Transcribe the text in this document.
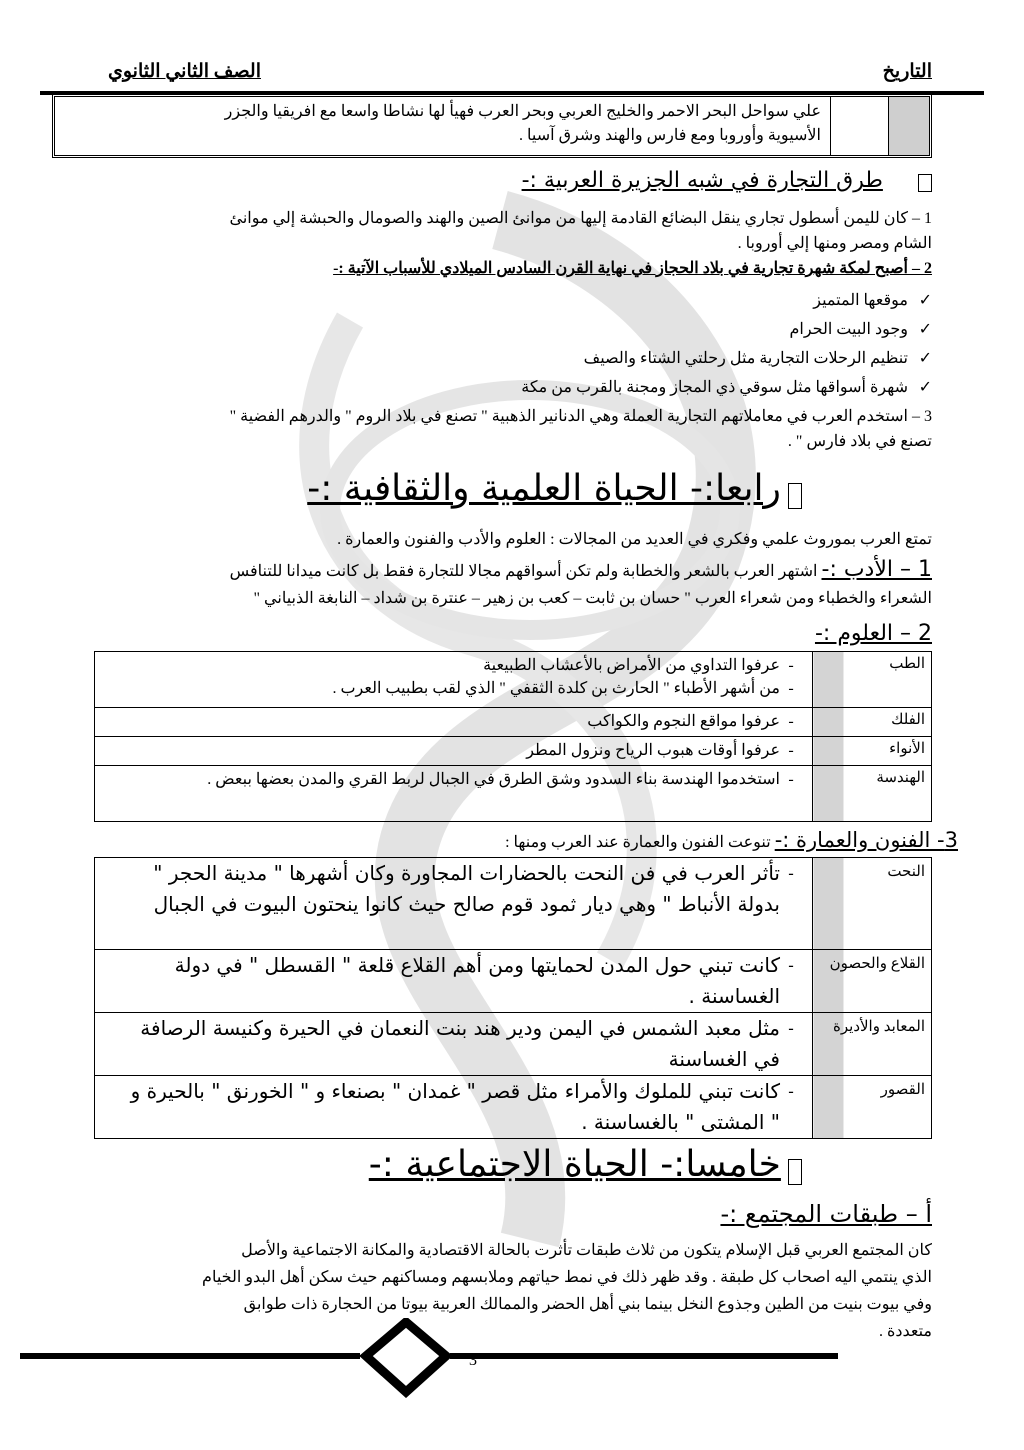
التاريخ
الصف الثاني الثانوي
علي سواحل البحر الاحمر والخليج العربي وبحر العرب فهيأ لها نشاطا واسعا مع افريقيا والجزر
الأسيوية وأوروبا ومع فارس والهند وشرق آسيا .
طرق التجارة في شبه الجزيرة العربية :-
1 – كان لليمن أسطول تجاري ينقل البضائع القادمة إليها من موانئ الصين والهند والصومال والحبشة إلي موانئ
الشام ومصر ومنها إلي أوروبا .
2 – أصبح لمكة شهرة تجارية في بلاد الحجاز في نهاية القرن السادس الميلادي للأسباب الآتية :-
✓موقعها المتميز
✓وجود البيت الحرام
✓تنظيم الرحلات التجارية مثل رحلتي الشتاء والصيف
✓شهرة أسواقها مثل سوقي ذي المجاز ومجنة بالقرب من مكة
3 – استخدم العرب في معاملاتهم التجارية العملة وهي الدنانير الذهبية " تصنع في بلاد الروم " والدرهم الفضية "
تصنع في بلاد فارس " .
رابعا:- الحياة العلمية والثقافية :-
تمتع العرب بموروث علمي وفكري في العديد من المجالات : العلوم والأدب والفنون والعمارة .
1 – الأدب :- اشتهر العرب بالشعر والخطابة ولم تكن أسواقهم مجالا للتجارة فقط بل كانت ميدانا للتنافس
الشعراء والخطباء ومن شعراء العرب " حسان بن ثابت – كعب بن زهير – عنترة بن شداد – النابغة الذبياني "
2 – العلوم :-
الطب	-عرفوا التداوي من الأمراض بالأعشاب الطبيعية
-من أشهر الأطباء " الحارث بن كلدة الثقفي " الذي لقب بطبيب العرب .

الفلك	-عرفوا مواقع النجوم والكواكب

الأنواء	-عرفوا أوقات هبوب الرياح ونزول المطر

الهندسة	-استخدموا الهندسة بناء السدود وشق الطرق في الجبال لربط القري والمدن بعضها ببعض .
3- الفنون والعمارة :- تنوعت الفنون والعمارة عند العرب ومنها :
النحت	-تأثر العرب في فن النحت بالحضارات المجاورة وكان أشهرها " مدينة الحجر " بدولة الأنباط " وهي ديار ثمود قوم صالح حيث كانوا ينحتون البيوت في الجبال

القلاع والحصون	-كانت تبني حول المدن لحمايتها ومن أهم القلاع قلعة " القسطل " في دولة الغساسنة .

المعابد والأديرة	-مثل معبد الشمس في اليمن ودير هند بنت النعمان في الحيرة وكنيسة الرصافة في الغساسنة

القصور	-كانت تبني للملوك والأمراء مثل قصر " غمدان " بصنعاء و " الخورنق " بالحيرة و " المشتى " بالغساسنة .
خامسا:- الحياة الاجتماعية :-
أ – طبقات المجتمع :-
كان المجتمع العربي قبل الإسلام يتكون من ثلاث طبقات تأثرت بالحالة الاقتصادية والمكانة الاجتماعية والأصل
الذي ينتمي اليه اصحاب كل طبقة . وقد ظهر ذلك في نمط حياتهم وملابسهم ومساكنهم حيث سكن أهل البدو الخيام
وفي بيوت بنيت من الطين وجذوع النخل بينما بني أهل الحضر والممالك العربية بيوتا من الحجارة ذات طوابق
متعددة .
3
